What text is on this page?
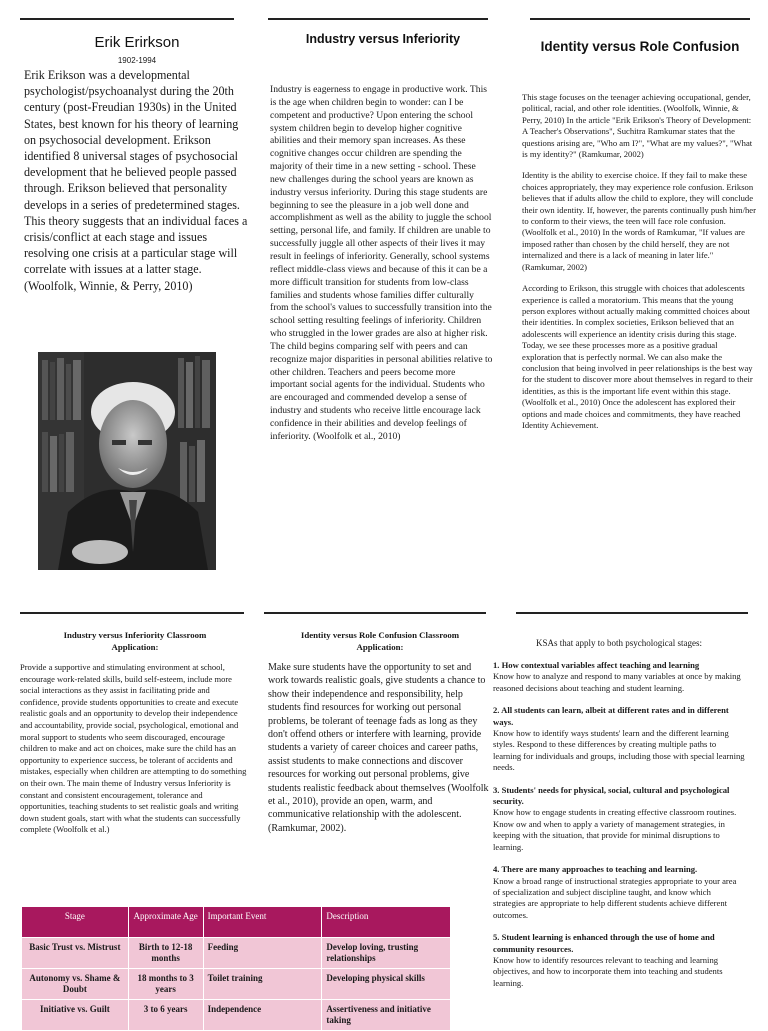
Erik Erirkson
1902-1994

Erik Erikson was a developmental psychologist/psychoanalyst during the 20th century (post-Freudian 1930s) in the United States, best known for his theory of learning on psychosocial development. Erikson identified 8 universal stages of psychosocial development that he believed people passed through. Erikson believed that personality develops in a series of predetermined stages. This theory suggests that an individual faces a crisis/conflict at each stage and issues resolving one crisis at a particular stage will correlate with issues at a latter stage. (Woolfolk, Winnie, & Perry, 2010)

Industry versus Inferiority

Industry is eagerness to engage in productive work. This is the age when children begin to wonder: can I be competent and productive? Upon entering the school system children begin to develop higher cognitive abilities and their memory span increases. As these cognitive changes occur children are spending the majority of their time in a new setting - school. These new challenges during the school years are known as industry versus inferiority. During this stage students are beginning to see the pleasure in a job well done and accomplishment as well as the ability to juggle the school setting, personal life, and family. If children are unable to successfully juggle all other aspects of their lives it may result in feelings of inferiority. Generally, school systems reflect middle-class views and because of this it can be a more difficult transition for students from low-class families and students whose families differ culturally from the school's values to successfully transition into the school setting resulting feelings of inferiority. Children who struggled in the lower grades are also at higher risk. The child begins comparing self with peers and can recognize major disparities in personal abilities relative to other children. Teachers and peers become more important social agents for the individual. Students who are encouraged and commended develop a sense of industry and students who receive little encourage lack confidence in their abilities and develop feelings of inferiority. (Woolfolk et al., 2010)

Identity versus Role Confusion

This stage focuses on the teenager achieving occupational, gender, political, racial, and other role identities. (Woolfolk, Winnie, & Perry, 2010) In the article "Erik Erikson's Theory of Development: A Teacher's Observations", Suchitra Ramkumar states that the questions arising are, "Who am I?", "What are my values?", "What is my identity?" (Ramkumar, 2002)

Identity is the ability to exercise choice. If they fail to make these choices appropriately, they may experience role confusion. Erikson believes that if adults allow the child to explore, they will conclude their own identity. If, however, the parents continually push him/her to conform to their views, the teen will face role confusion. (Woolfolk et al., 2010) In the words of Ramkumar, "If values are imposed rather than chosen by the child herself, they are not internalized and there is a lack of meaning in later life." (Ramkumar, 2002)

According to Erikson, this struggle with choices that adolescents experience is called a moratorium. This means that the young person explores without actually making committed choices about their identities. In complex societies, Erikson believed that an adolescents will experience an identity crisis during this stage. Today, we see these processes more as a positive gradual exploration that is perfectly normal. We can also make the conclusion that being involved in peer relationships is the best way for the student to discover more about themselves in regard to their identities, as this is the important life event within this stage. (Woolfolk et al., 2010) Once the adolescent has explored their options and made choices and commitments, they have reached Identity Achievement.

Industry versus Inferiority Classroom Application:

Provide a supportive and stimulating environment at school, encourage work-related skills, build self-esteem, include more social interactions as they assist in facilitating pride and confidence, provide students opportunities to create and execute realistic goals and an opportunity to develop their independence and accountability, provide social, psychological, emotional and moral support to students who seem discouraged, encourage children to make and act on choices, make sure the child has an opportunity to experience success, be tolerant of accidents and mistakes, especially when children are attempting to do something on their own. The main theme of Industry versus Inferiority is constant and consistent encouragement, tolerance and opportunities, teaching students to set realistic goals and writing down student goals, start with what the students can successfully complete (Woolfolk et al.)

Identity versus Role Confusion Classroom Application:

Make sure students have the opportunity to set and work towards realistic goals, give students a chance to show their independence and responsibility, help students find resources for working out personal problems, be tolerant of teenage fads as long as they don't offend others or interfere with learning, provide students a variety of career choices and career paths, assist students to make connections and discover resources for working out personal problems, give students realistic feedback about themselves (Woolfolk et al., 2010), provide an open, warm, and communicative relationship with the adolescent. (Ramkumar, 2002).

KSAs that apply to both psychological stages:
1. How contextual variables affect teaching and learning
Know how to analyze and respond to many variables at once by making reasoned decisions about teaching and student learning.
2. All students can learn, albeit at different rates and in different ways.
Know how to identify ways students' learn and the different learning styles. Respond to these differences by creating multiple paths to learning for individuals and groups, including those with special learning needs.
3. Students' needs for physical, social, cultural and psychological security.
Know how to engage students in creating effective classroom routines. Know ow and when to apply a variety of management strategies, in keeping with the situation, that provide for minimal disruptions to learning.
4. There are many approaches to teaching and learning.
Know a broad range of instructional strategies appropriate to your area of specialization and subject discipline taught, and know which strategies are appropriate to help different students achieve different outcomes.
5. Student learning is enhanced through the use of home and community resources.
Know how to identify resources relevant to teaching and learning objectives, and how to incorporate them into teaching and students learning.
Stage	Approximate Age	Important Event	Description
Basic Trust vs. Mistrust	Birth to 12-18 months	Feeding	Develop loving, trusting relationships
Autonomy vs. Shame & Doubt	18 months to 3 years	Toilet training	Developing physical skills
Initiative vs. Guilt	3 to 6 years	Independence	Assertiveness and initiative taking
